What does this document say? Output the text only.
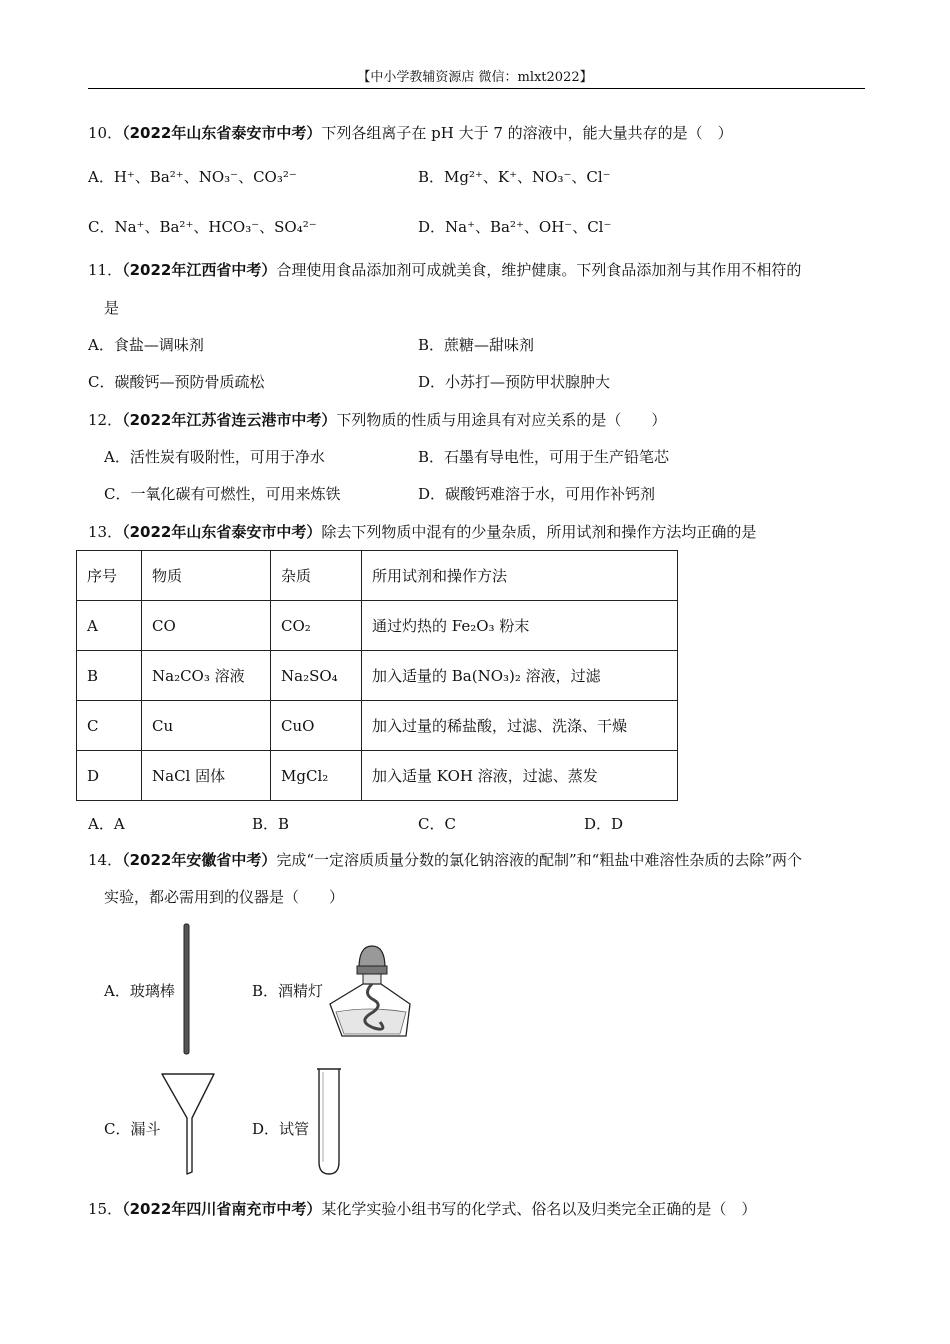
【中小学教辅资源店 微信：mlxt2022】
10．（2022年山东省泰安市中考）下列各组离子在 pH 大于 7 的溶液中，能大量共存的是（　）
A．H⁺、Ba²⁺、NO₃⁻、CO₃²⁻	B．Mg²⁺、K⁺、NO₃⁻、Cl⁻
C．Na⁺、Ba²⁺、HCO₃⁻、SO₄²⁻	D．Na⁺、Ba²⁺、OH⁻、Cl⁻
11．（2022年江西省中考）合理使用食品添加剂可成就美食，维护健康。下列食品添加剂与其作用不相符的
是
A．食盐—调味剂	B．蔗糖—甜味剂
C．碳酸钙—预防骨质疏松	D．小苏打—预防甲状腺肿大
12．（2022年江苏省连云港市中考）下列物质的性质与用途具有对应关系的是（　　）
A．活性炭有吸附性，可用于净水	B．石墨有导电性，可用于生产铅笔芯
C．一氧化碳有可燃性，可用来炼铁	D．碳酸钙难溶于水，可用作补钙剂
13．（2022年山东省泰安市中考）除去下列物质中混有的少量杂质，所用试剂和操作方法均正确的是
序号	物质	杂质	所用试剂和操作方法
A	CO	CO₂	通过灼热的 Fe₂O₃ 粉末
B	Na₂CO₃ 溶液	Na₂SO₄	加入适量的 Ba(NO₃)₂ 溶液，过滤
C	Cu	CuO	加入过量的稀盐酸，过滤、洗涤、干燥
D	NaCl 固体	MgCl₂	加入适量 KOH 溶液，过滤、蒸发
A．A	B．B	C．C	D．D
14．（2022年安徽省中考）完成“一定溶质质量分数的氯化钠溶液的配制”和“粗盐中难溶性杂质的去除”两个
实验，都必需用到的仪器是（　　）
A．玻璃棒	B．酒精灯
C．漏斗	D．试管
15．（2022年四川省南充市中考）某化学实验小组书写的化学式、俗名以及归类完全正确的是（　）
